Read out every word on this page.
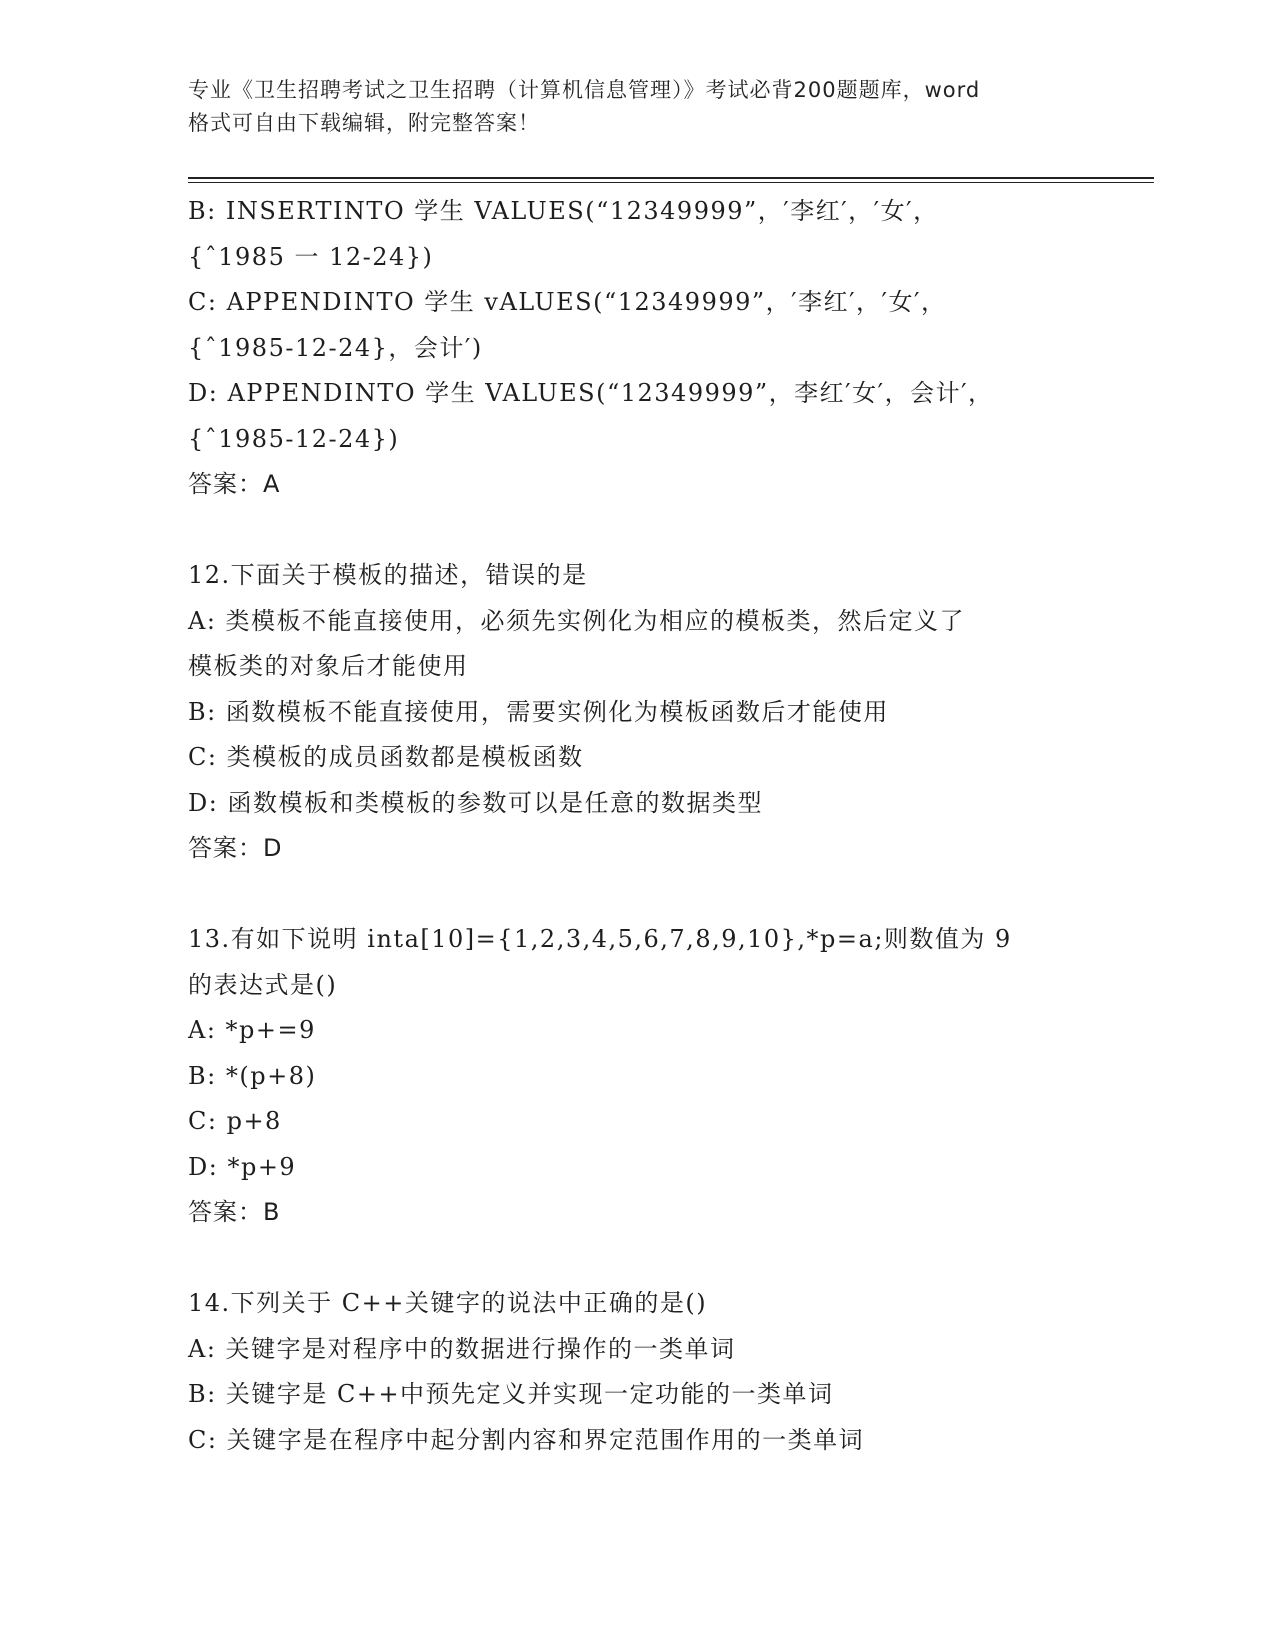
专业《卫生招聘考试之卫生招聘（计算机信息管理）》考试必背200题题库，word
格式可自由下载编辑，附完整答案！
B: INSERTINTO 学生 VALUES(“12349999”，′李红′，′女′，
{ˆ1985 一 12-24})
C: APPENDINTO 学生 vALUES(“12349999”，′李红′，′女′，
{ˆ1985-12-24}，会计′)
D: APPENDINTO 学生 VALUES(“12349999”，李红′女′，会计′，
{ˆ1985-12-24})
答案：A
12.下面关于模板的描述，错误的是
A: 类模板不能直接使用，必须先实例化为相应的模板类，然后定义了
模板类的对象后才能使用
B: 函数模板不能直接使用，需要实例化为模板函数后才能使用
C: 类模板的成员函数都是模板函数
D: 函数模板和类模板的参数可以是任意的数据类型
答案：D
13.有如下说明 inta[10]={1,2,3,4,5,6,7,8,9,10},*p=a;则数值为 9
的表达式是()
A: *p+=9
B: *(p+8)
C: p+8
D: *p+9
答案：B
14.下列关于 C++关键字的说法中正确的是()
A: 关键字是对程序中的数据进行操作的一类单词
B: 关键字是 C++中预先定义并实现一定功能的一类单词
C: 关键字是在程序中起分割内容和界定范围作用的一类单词
